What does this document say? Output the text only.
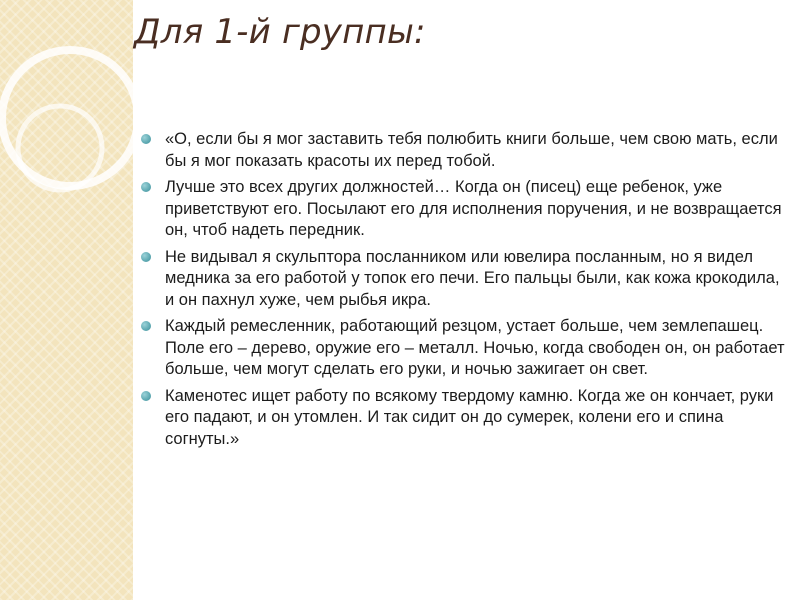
Для 1-й группы:
«О, если бы я мог заставить тебя полюбить книги больше, чем свою мать, если бы я мог показать красоты их перед тобой.
Лучше это всех других должностей… Когда он (писец) еще ребенок, уже приветствуют его. Посылают его для исполнения поручения, и не возвращается он, чтоб надеть передник.
Не видывал я скульптора посланником или ювелира посланным, но я видел медника за его работой у топок его печи. Его пальцы были, как кожа крокодила, и он пахнул хуже, чем рыбья икра.
Каждый ремесленник, работающий резцом, устает больше, чем землепашец. Поле его – дерево, оружие его – металл. Ночью, когда свободен он, он работает больше, чем могут сделать его руки, и ночью зажигает он свет.
Каменотес ищет работу по всякому твердому камню. Когда же он кончает, руки его падают, и он утомлен. И так сидит он до сумерек, колени его и спина согнуты.»
